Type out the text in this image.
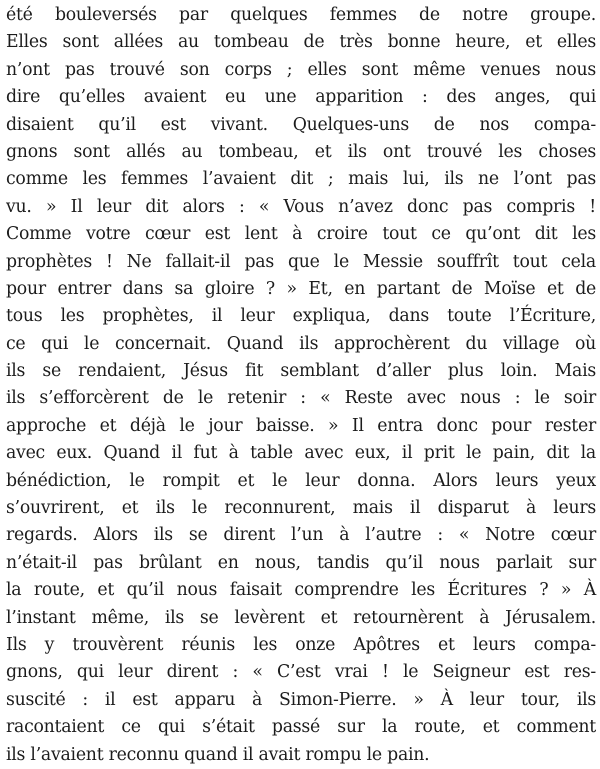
été bouleversés par quelques femmes de notre groupe.
Elles sont allées au tombeau de très bonne heure, et elles
n’ont pas trouvé son corps ; elles sont même venues nous
dire qu’elles avaient eu une apparition : des anges, qui
disaient qu’il est vivant. Quelques-uns de nos compa-
gnons sont allés au tombeau, et ils ont trouvé les choses
comme les femmes l’avaient dit ; mais lui, ils ne l’ont pas
vu. » Il leur dit alors : « Vous n’avez donc pas compris !
Comme votre cœur est lent à croire tout ce qu’ont dit les
prophètes ! Ne fallait-il pas que le Messie souffrît tout cela
pour entrer dans sa gloire ? » Et, en partant de Moïse et de
tous les prophètes, il leur expliqua, dans toute l’Écriture,
ce qui le concernait. Quand ils approchèrent du village où
ils se rendaient, Jésus fit semblant d’aller plus loin. Mais
ils s’efforcèrent de le retenir : « Reste avec nous : le soir
approche et déjà le jour baisse. » Il entra donc pour rester
avec eux. Quand il fut à table avec eux, il prit le pain, dit la
bénédiction, le rompit et le leur donna. Alors leurs yeux
s’ouvrirent, et ils le reconnurent, mais il disparut à leurs
regards. Alors ils se dirent l’un à l’autre : « Notre cœur
n’était-il pas brûlant en nous, tandis qu’il nous parlait sur
la route, et qu’il nous faisait comprendre les Écritures ? » À
l’instant même, ils se levèrent et retournèrent à Jérusalem.
Ils y trouvèrent réunis les onze Apôtres et leurs compa-
gnons, qui leur dirent : « C’est vrai ! le Seigneur est res-
suscité : il est apparu à Simon-Pierre. » À leur tour, ils
racontaient ce qui s’était passé sur la route, et comment
ils l’avaient reconnu quand il avait rompu le pain.
